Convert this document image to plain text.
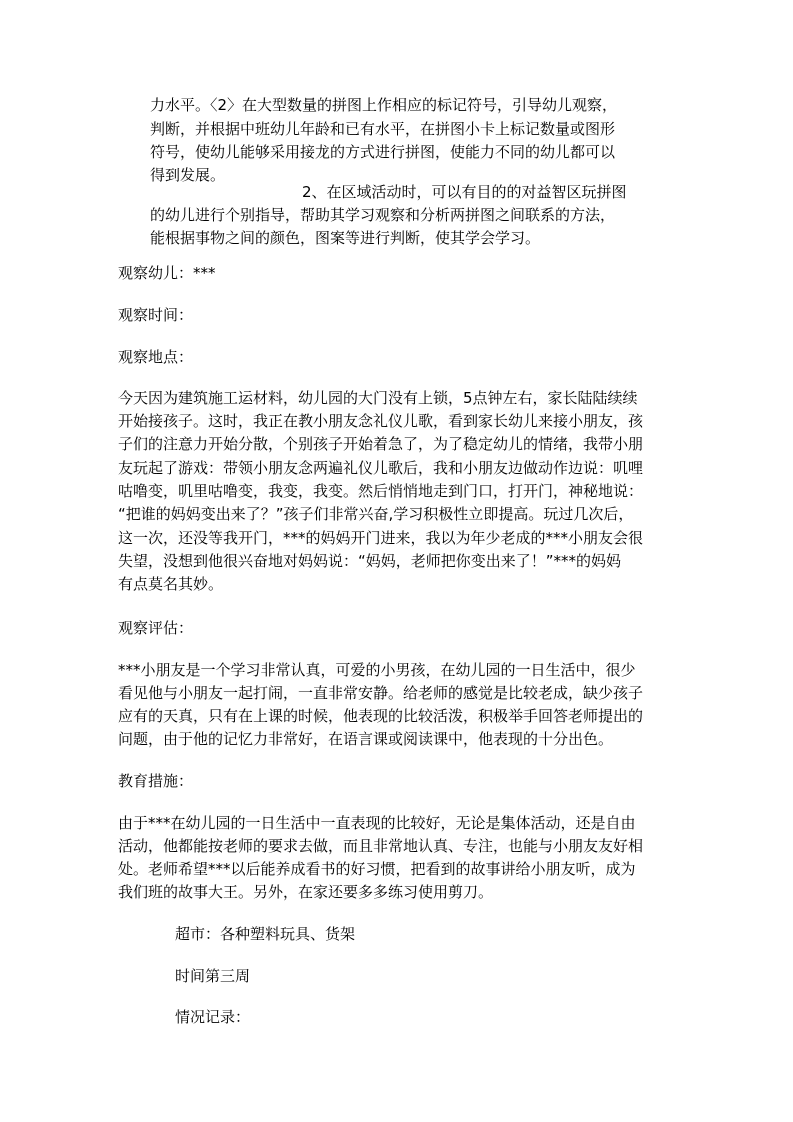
力水平。〈2〉在大型数量的拼图上作相应的标记符号，引导幼儿观察，
判断，并根据中班幼儿年龄和已有水平，在拼图小卡上标记数量或图形
符号，使幼儿能够采用接龙的方式进行拼图，使能力不同的幼儿都可以
得到发展。
2、在区域活动时，可以有目的的对益智区玩拼图
的幼儿进行个别指导，帮助其学习观察和分析两拼图之间联系的方法，
能根据事物之间的颜色，图案等进行判断，使其学会学习。
观察幼儿：***
观察时间：
观察地点：
今天因为建筑施工运材料，幼儿园的大门没有上锁，5点钟左右，家长陆陆续续
开始接孩子。这时，我正在教小朋友念礼仪儿歌，看到家长幼儿来接小朋友，孩
子们的注意力开始分散，个别孩子开始着急了，为了稳定幼儿的情绪，我带小朋
友玩起了游戏：带领小朋友念两遍礼仪儿歌后，我和小朋友边做动作边说：叽哩
咕噜变，叽里咕噜变，我变，我变。然后悄悄地走到门口，打开门，神秘地说：
“把谁的妈妈变出来了？”孩子们非常兴奋,学习积极性立即提高。玩过几次后，
这一次，还没等我开门，***的妈妈开门进来，我以为年少老成的***小朋友会很
失望，没想到他很兴奋地对妈妈说：“妈妈，老师把你变出来了！”***的妈妈
有点莫名其妙。
观察评估：
***小朋友是一个学习非常认真，可爱的小男孩，在幼儿园的一日生活中，很少
看见他与小朋友一起打闹，一直非常安静。给老师的感觉是比较老成，缺少孩子
应有的天真，只有在上课的时候，他表现的比较活泼，积极举手回答老师提出的
问题，由于他的记忆力非常好，在语言课或阅读课中，他表现的十分出色。
教育措施：
由于***在幼儿园的一日生活中一直表现的比较好，无论是集体活动，还是自由
活动，他都能按老师的要求去做，而且非常地认真、专注，也能与小朋友友好相
处。老师希望***以后能养成看书的好习惯，把看到的故事讲给小朋友听，成为
我们班的故事大王。另外，在家还要多多练习使用剪刀。
超市：各种塑料玩具、货架
时间第三周
情况记录：
